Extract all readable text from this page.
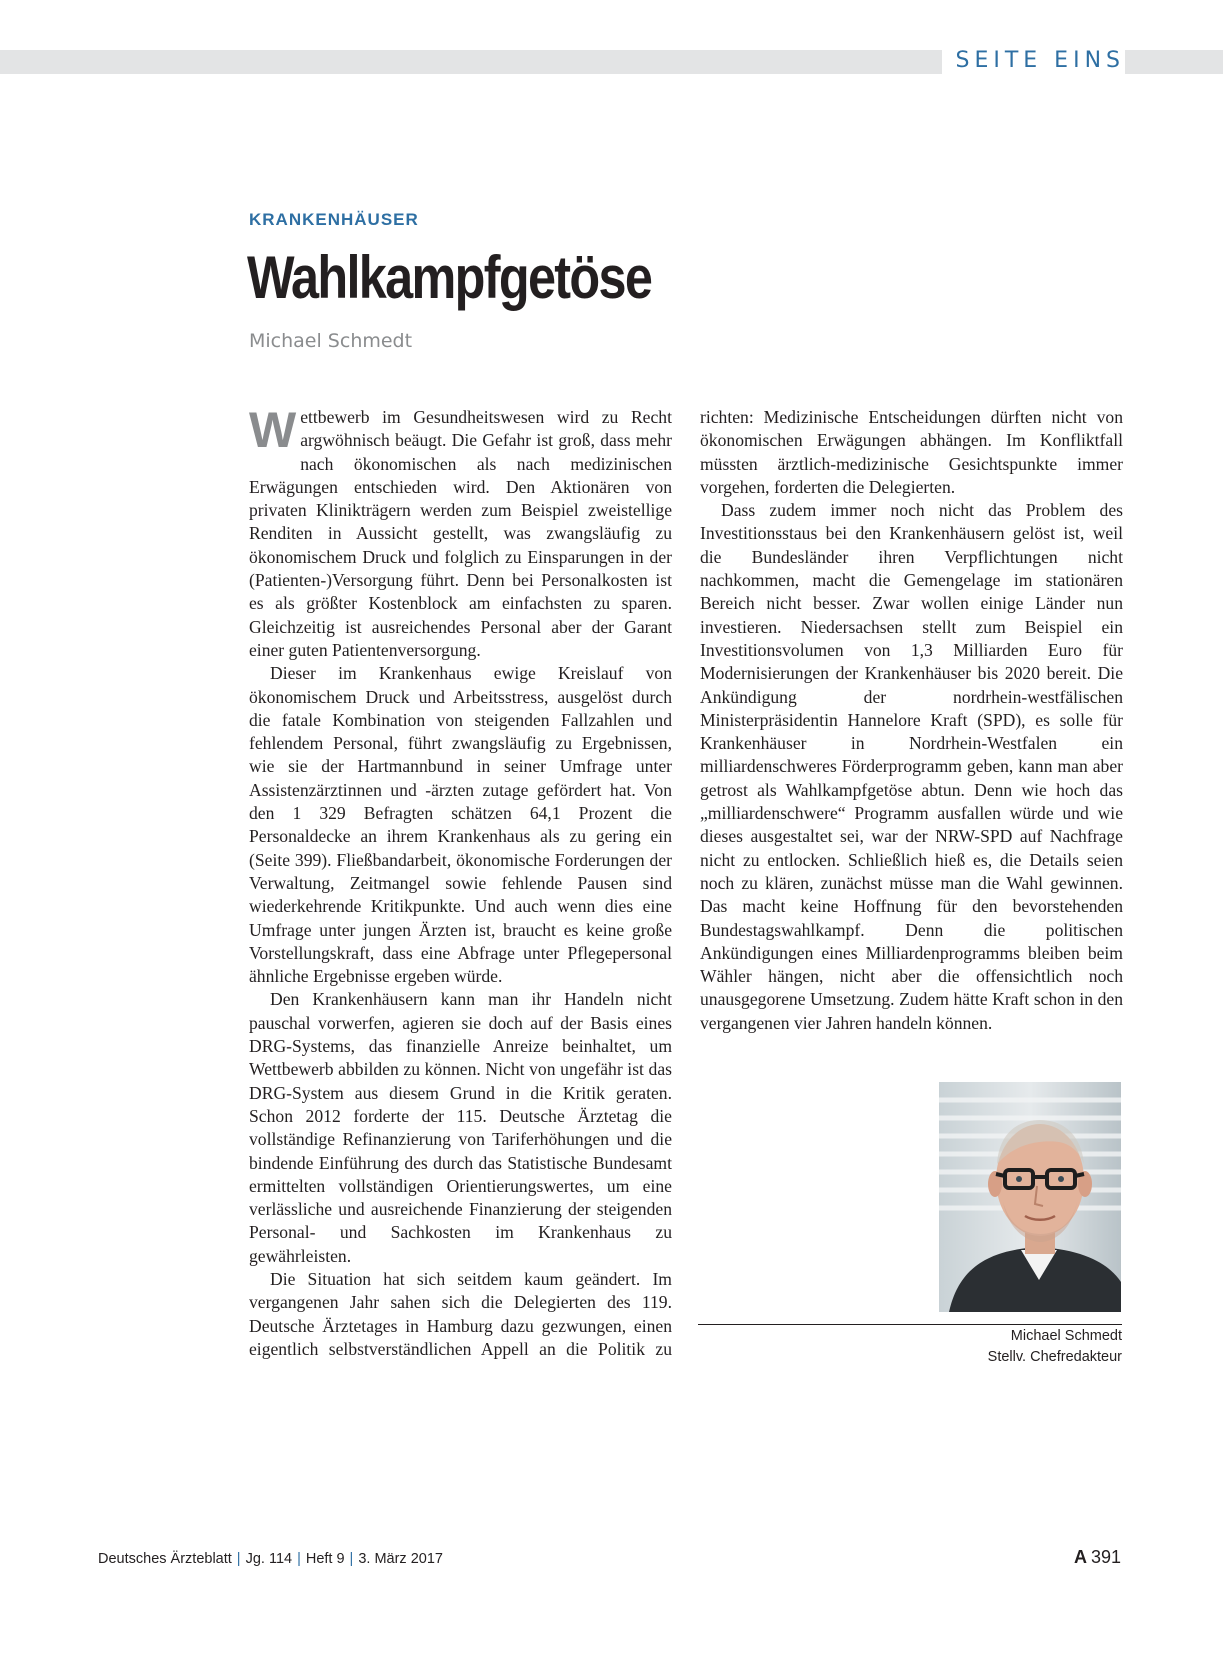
SEITE EINS
KRANKENHÄUSER
Wahlkampfgetöse
Michael Schmedt

Wettbewerb im Gesundheitswesen wird zu Recht argwöhnisch beäugt. Die Gefahr ist groß, dass mehr nach ökonomischen als nach medizinischen Erwägungen entschieden wird. Den Aktionären von privaten Klinikträgern werden zum Beispiel zweistellige Renditen in Aussicht gestellt, was zwangsläufig zu ökonomischem Druck und folglich zu Einsparungen in der (Patienten-)Versorgung führt. Denn bei Personalkosten ist es als größter Kostenblock am einfachsten zu sparen. Gleichzeitig ist ausreichendes Personal aber der Garant einer guten Patientenversorgung.

Dieser im Krankenhaus ewige Kreislauf von ökonomischem Druck und Arbeitsstress, ausgelöst durch die fatale Kombination von steigenden Fallzahlen und fehlendem Personal, führt zwangsläufig zu Ergebnissen, wie sie der Hartmannbund in seiner Umfrage unter Assistenzärztinnen und -ärzten zutage gefördert hat. Von den 1 329 Befragten schätzen 64,1 Prozent die Personaldecke an ihrem Krankenhaus als zu gering ein (Seite 399). Fließbandarbeit, ökonomische Forderungen der Verwaltung, Zeitmangel sowie fehlende Pausen sind wiederkehrende Kritikpunkte. Und auch wenn dies eine Umfrage unter jungen Ärzten ist, braucht es keine große Vorstellungskraft, dass eine Abfrage unter Pflegepersonal ähnliche Ergebnisse ergeben würde.

Den Krankenhäusern kann man ihr Handeln nicht pauschal vorwerfen, agieren sie doch auf der Basis eines DRG-Systems, das finanzielle Anreize beinhaltet, um Wettbewerb abbilden zu können. Nicht von ungefähr ist das DRG-System aus diesem Grund in die Kritik geraten. Schon 2012 forderte der 115. Deutsche Ärztetag die vollständige Refinanzierung von Tariferhöhungen und die bindende Einführung des durch das Statistische Bundesamt ermittelten vollständigen Orientierungswertes, um eine verlässliche und ausreichende Finanzierung der steigenden Personal- und Sachkosten im Krankenhaus zu gewährleisten.

Die Situation hat sich seitdem kaum geändert. Im vergangenen Jahr sahen sich die Delegierten des 119. Deutsche Ärztetages in Hamburg dazu gezwungen, einen eigentlich selbstverständlichen Appell an die Politik zu richten: Medizinische Entscheidungen dürften nicht von ökonomischen Erwägungen abhängen. Im Konfliktfall müssten ärztlich-medizinische Gesichtspunkte immer vorgehen, forderten die Delegierten.

Dass zudem immer noch nicht das Problem des Investitionsstaus bei den Krankenhäusern gelöst ist, weil die Bundesländer ihren Verpflichtungen nicht nachkommen, macht die Gemengelage im stationären Bereich nicht besser. Zwar wollen einige Länder nun investieren. Niedersachsen stellt zum Beispiel ein Investitionsvolumen von 1,3 Milliarden Euro für Modernisierungen der Krankenhäuser bis 2020 bereit. Die Ankündigung der nordrhein-westfälischen Ministerpräsidentin Hannelore Kraft (SPD), es solle für Krankenhäuser in Nordrhein-Westfalen ein milliardenschweres Förderprogramm geben, kann man aber getrost als Wahlkampfgetöse abtun. Denn wie hoch das „milliardenschwere“ Programm ausfallen würde und wie dieses ausgestaltet sei, war der NRW-SPD auf Nachfrage nicht zu entlocken. Schließlich hieß es, die Details seien noch zu klären, zunächst müsse man die Wahl gewinnen. Das macht keine Hoffnung für den bevorstehenden Bundestagswahlkampf. Denn die politischen Ankündigungen eines Milliardenprogramms bleiben beim Wähler hängen, nicht aber die offensichtlich noch unausgegorene Umsetzung. Zudem hätte Kraft schon in den vergangenen vier Jahren handeln können.

Michael Schmedt
Stellv. Chefredakteur
Deutsches Ärzteblatt | Jg. 114 | Heft 9 | 3. März 2017	A 391
